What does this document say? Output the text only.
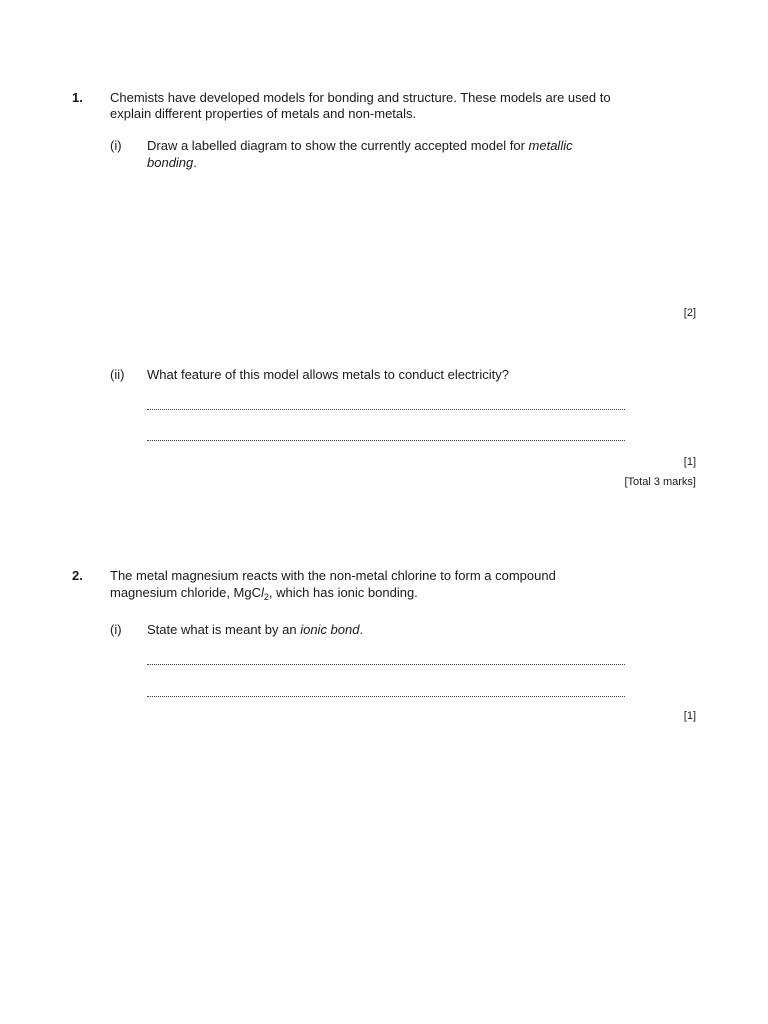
1. Chemists have developed models for bonding and structure. These models are used to
explain different properties of metals and non-metals.
(i) Draw a labelled diagram to show the currently accepted model for metallic
bonding.
[2]
(ii) What feature of this model allows metals to conduct electricity?
[1]
[Total 3 marks]
2. The metal magnesium reacts with the non-metal chlorine to form a compound
magnesium chloride, MgCl$_2$, which has ionic bonding.
(i) State what is meant by an ionic bond.
[1]
